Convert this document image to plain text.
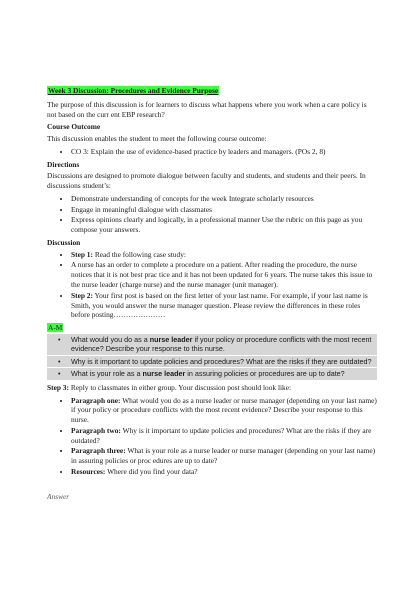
Week 3 Discussion: Procedures and Evidence Purpose

The purpose of this discussion is for learners to discuss what happens where you work when a care policy is not based on the curr ent EBP research?

Course Outcome

This discussion enables the student to meet the following course outcome:

• CO 3: Explain the use of evidence-based practice by leaders and managers. (POs 2, 8)
Directions

Discussions are designed to promote dialogue between faculty and students, and students and their peers. In discussions student’s:

• Demonstrate understanding of concepts for the week Integrate scholarly resources
• Engage in meaningful dialogue with classmates
• Express opinions clearly and logically, in a professional manner Use the rubric on this page as you compose your answers.
Discussion
• Step 1: Read the following case study:
• A nurse has an order to complete a procedure on a patient. After reading the procedure, the nurse notices that it is not best prac tice and it has not been updated for 6 years. The nurse takes this issue to the nurse leader (charge nurse) and the nurse manager (unit manager).
• Step 2: Your first post is based on the first letter of your last name. For example, if your last name is Smith, you would answer the nurse manager question. Please review the differences in these roles before posting…………………

A-M

• What would you do as a nurse leader if your policy or procedure conflicts with the most recent evidence? Describe your response to this nurse.
• Why is it important to update policies and procedures? What are the risks if they are outdated?
• What is your role as a nurse leader in assuring policies or procedures are up to date?

Step 3: Reply to classmates in either group. Your discussion post should look like:

• Paragraph one: What would you do as a nurse leader or nurse manager (depending on your last name) if your policy or procedure conflicts with the most recent evidence? Describe your response to this nurse.
• Paragraph two: Why is it important to update policies and procedures? What are the risks if they are outdated?
• Paragraph three: What is your role as a nurse leader or nurse manager (depending on your last name) in assuring policies or proc edures are up to date?
• Resources: Where did you find your data?
Answer
